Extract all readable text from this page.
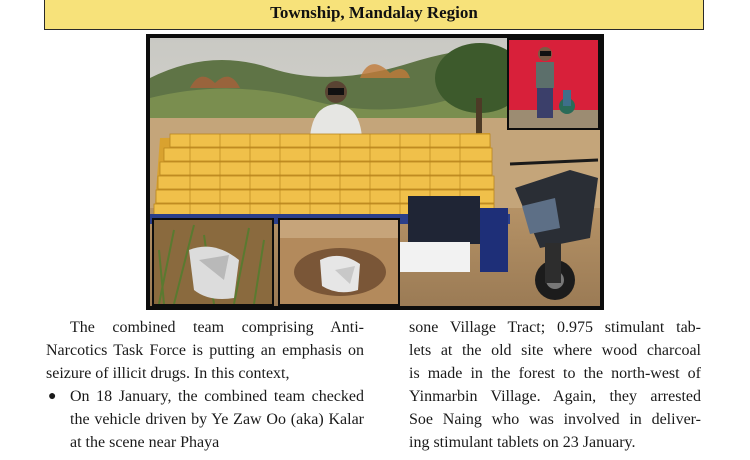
Township, Mandalay Region

The combined team comprising Anti-Narcotics Task Force is putting an emphasis on seizure of illicit drugs. In this context,

● On 18 January, the combined team checked the vehicle driven by Ye Zaw Oo (aka) Kalar at the scene near Phaya

sone Village Tract; 0.975 stimulant tab-

lets at the old site where wood charcoal

is made in the forest to the north-west of

Yinmarbin Village. Again, they arrested

Soe Naing who was involved in deliver-

ing stimulant tablets on 23 January.
